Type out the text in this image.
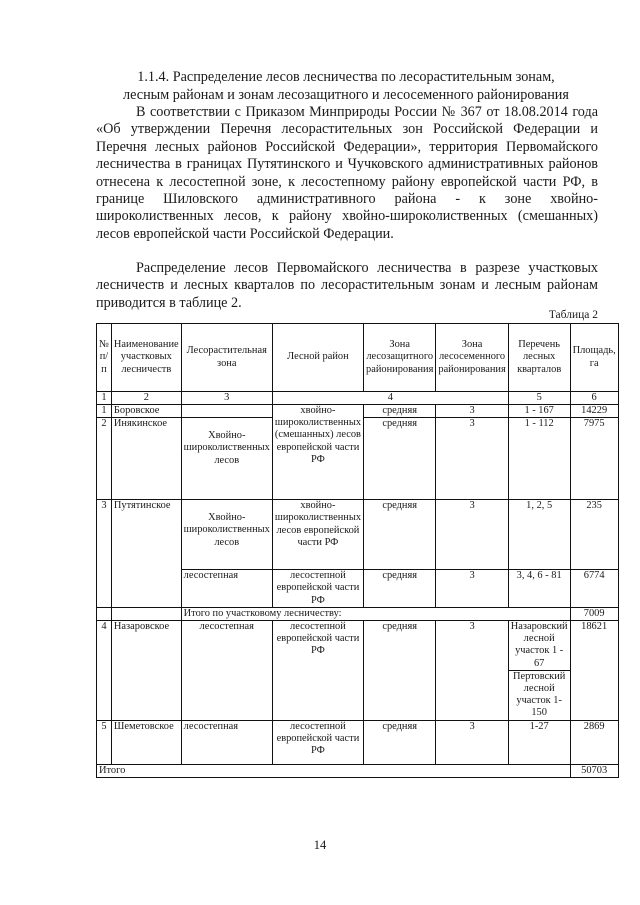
1.1.4. Распределение лесов лесничества по лесорастительным зонам,
лесным районам и зонам лесозащитного и лесосеменного районирования
В соответствии с Приказом Минприроды России № 367 от 18.08.2014 года «Об утверждении Перечня лесорастительных зон Российской Федерации и Перечня лесных районов Российской Федерации», территория Первомайского лесничества в границах Путятинского и Чучковского административных районов отнесена к лесостепной зоне, к лесостепному району европейской части РФ, в границе Шиловского административного района - к зоне хвойно-широколиственных лесов, к району хвойно-широколиственных (смешанных) лесов европейской части Российской Федерации.
Распределение лесов Первомайского лесничества в разрезе участковых лесничеств и лесных кварталов по лесорастительным зонам и лесным районам приводится в таблице 2.
Таблица 2
№ п/п	Наименование участковых лесничеств	Лесорастительная зона	Лесной район	Зона лесозащитного районирования	Зона лесосеменного районирования	Перечень лесных кварталов	Площадь, га
1	2	3	4			5	6
1	Боровское		хвойно-широколиственных (смешанных) лесов европейской части РФ	средняя	3	1 - 167	14229
2	Инякинское	Хвойно-широколиственных лесов		средняя	3	1 - 112	7975
3	Путятинское	Хвойно-широколиственных лесов	хвойно-широколиственных лесов европейской части РФ	средняя	3	1, 2, 5	235
		лесостепная	лесостепной европейской части РФ	средняя	3	3, 4, 6 - 81	6774
		Итого по участковому лесничеству:					7009
4	Назаровское	лесостепная	лесостепной европейской части РФ	средняя	3	Назаровский лесной участок 1 - 67	18621
						Пертовский лесной участок 1-150	
5	Шеметовское	лесостепная	лесостепной европейской части РФ	средняя	3	1-27	2869
Итого							50703
14
